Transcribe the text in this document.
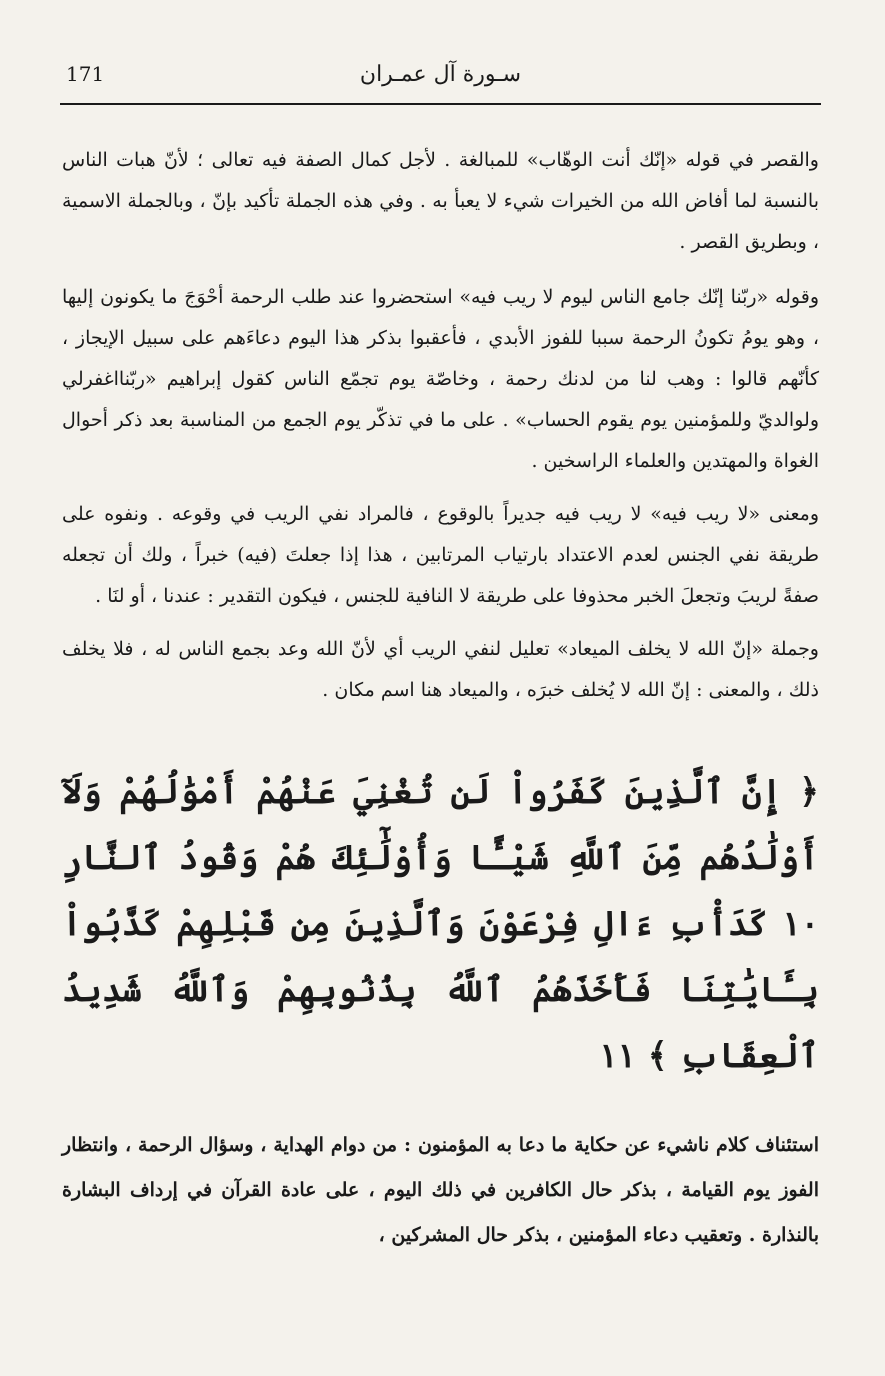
سـورة آل عمـران
171

والقصر في قوله «إنّك أنت الوهّاب» للمبالغة . لأجل كمال الصفة فيه تعالى ؛ لأنّ هبات الناس بالنسبة لما أفاض الله من الخيرات شيء لا يعبأ به . وفي هذه الجملة تأكيد بإنّ ، وبالجملة الاسمية ، وبطريق القصر .

وقوله «ربّنا إنّك جامع الناس ليوم لا ريب فيه» استحضروا عند طلب الرحمة أحْوَجَ ما يكونون إليها ، وهو يومُ تكونُ الرحمة سببا للفوز الأبدي ، فأعقبوا بذكر هذا اليوم دعاءَهم على سبيل الإيجاز ، كأنّهم قالوا : وهب لنا من لدنك رحمة ، وخاصّة يوم تجمّع الناس كقول إبراهيم «ربّنااغفرلي ولوالديّ وللمؤمنين يوم يقوم الحساب» . على ما في تذكّر يوم الجمع من المناسبة بعد ذكر أحوال الغواة والمهتدين والعلماء الراسخين .

ومعنى «لا ريب فيه» لا ريب فيه جديراً بالوقوع ، فالمراد نفي الريب في وقوعه . ونفوه على طريقة نفي الجنس لعدم الاعتداد بارتياب المرتابين ، هذا إذا جعلتَ (فيه) خبراً ، ولك أن تجعله صفةً لريبَ وتجعلَ الخبر محذوفا على طريقة لا النافية للجنس ، فيكون التقدير : عندنا ، أو لنَا .

وجملة «إنّ الله لا يخلف الميعاد» تعليل لنفي الريب أي لأنّ الله وعد بجمع الناس له ، فلا يخلف ذلك ، والمعنى : إنّ الله لا يُخلف خبرَه ، والميعاد هنا اسم مكان .

﴿ إِنَّ ٱلَّذِينَ كَفَرُواْ لَن تُغْنِيَ عَنْهُمْ أَمْوَٰلُهُمْ وَلَآ أَوْلَٰدُهُم مِّنَ ٱللَّهِ شَيْـًٔا وَأُوْلَٰٓئِكَ هُمْ وَقُودُ ٱلنَّارِ ١٠ كَدَأْبِ ءَالِ فِرْعَوْنَ وَٱلَّذِينَ مِن قَبْلِهِمْ كَذَّبُواْ بِـَٔايَٰتِنَا فَأَخَذَهُمُ ٱللَّهُ بِذُنُوبِهِمْ وَٱللَّهُ شَدِيدُ ٱلْعِقَابِ ﴾ ١١

استئناف كلام ناشيء عن حكاية ما دعا به المؤمنون : من دوام الهداية ، وسؤال الرحمة ، وانتظار الفوز يوم القيامة ، بذكر حال الكافرين في ذلك اليوم ، على عادة القرآن في إرداف البشارة بالنذارة . وتعقيب دعاء المؤمنين ، بذكر حال المشركين ،
